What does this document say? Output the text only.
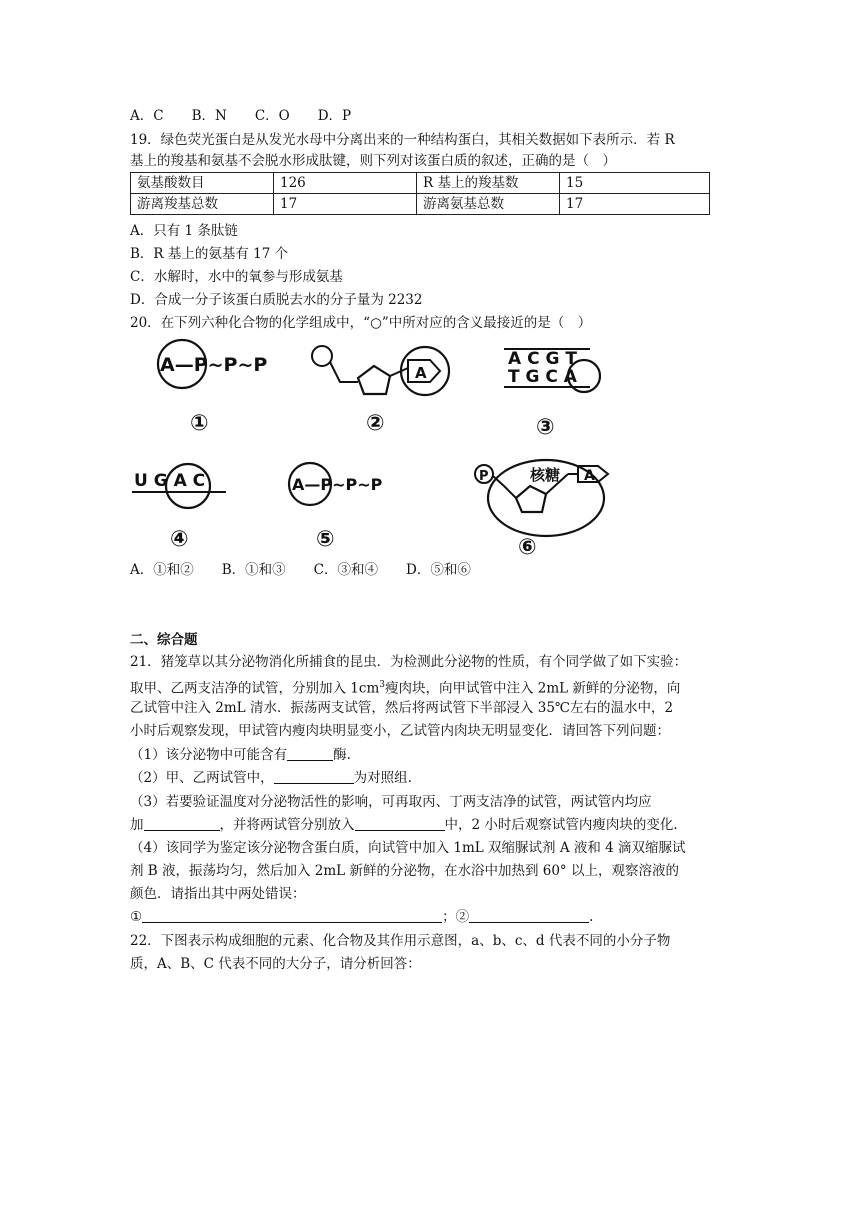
A．C B．N C．O D．P
19．绿色荧光蛋白是从发光水母中分离出来的一种结构蛋白，其相关数据如下表所示．若 R
基上的羧基和氨基不会脱水形成肽键，则下列对该蛋白质的叙述，正确的是（　）
氨基酸数目	126	R 基上的羧基数	15
游离羧基总数	17	游离氨基总数	17
A．只有 1 条肽链
B．R 基上的氨基有 17 个
C．水解时，水中的氧参与形成氨基
D．合成一分子该蛋白质脱去水的分子量为 2232
20．在下列六种化合物的化学组成中，“○”中所对应的含义最接近的是（　）
A—P~P~P
①
A
②
A C G T
T G C A
③
U G A C
④
A—P~P~P
⑤
P	核糖 A
⑥
A．①和② B．①和③ C．③和④ D．⑤和⑥
二、综合题
21．猪笼草以其分泌物消化所捕食的昆虫．为检测此分泌物的性质，有个同学做了如下实验：
取甲、乙两支洁净的试管，分别加入 $1cm^3$瘦肉块，向甲试管中注入 2mL 新鲜的分泌物，向
乙试管中注入 2mL 清水．振荡两支试管，然后将两试管下半部浸入 35℃左右的温水中，2
小时后观察发现，甲试管内瘦肉块明显变小，乙试管内肉块无明显变化．请回答下列问题：
（1）该分泌物中可能含有	酶.
（2）甲、乙两试管中，	为对照组.
（3）若要验证温度对分泌物活性的影响，可再取丙、丁两支洁净的试管，两试管内均应
加	，并将两试管分别放入	中，2 小时后观察试管内瘦肉块的变化.
（4）该同学为鉴定该分泌物含蛋白质，向试管中加入 1mL 双缩脲试剂 A 液和 4 滴双缩脲试
剂 B 液，振荡均匀，然后加入 2mL 新鲜的分泌物，在水浴中加热到 60° 以上，观察溶液的
颜色．请指出其中两处错误：
①	；②	.
22．下图表示构成细胞的元素、化合物及其作用示意图，a、b、c、d 代表不同的小分子物
质，A、B、C 代表不同的大分子，请分析回答：
